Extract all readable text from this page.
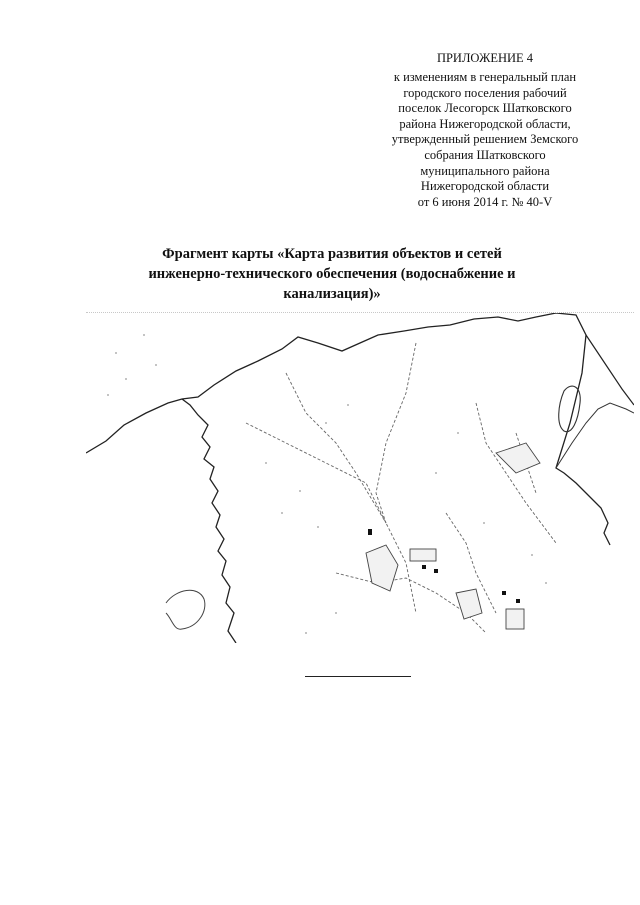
ПРИЛОЖЕНИЕ 4
к изменениям в генеральный план
городского поселения рабочий
поселок Лесогорск Шатковского
района Нижегородской области,
утвержденный решением Земского
собрания Шатковского
муниципального района
Нижегородской области
от 6 июня 2014 г. № 40-V
Фрагмент карты «Карта развития объектов и сетей
инженерно-технического обеспечения (водоснабжение и
канализация)»
